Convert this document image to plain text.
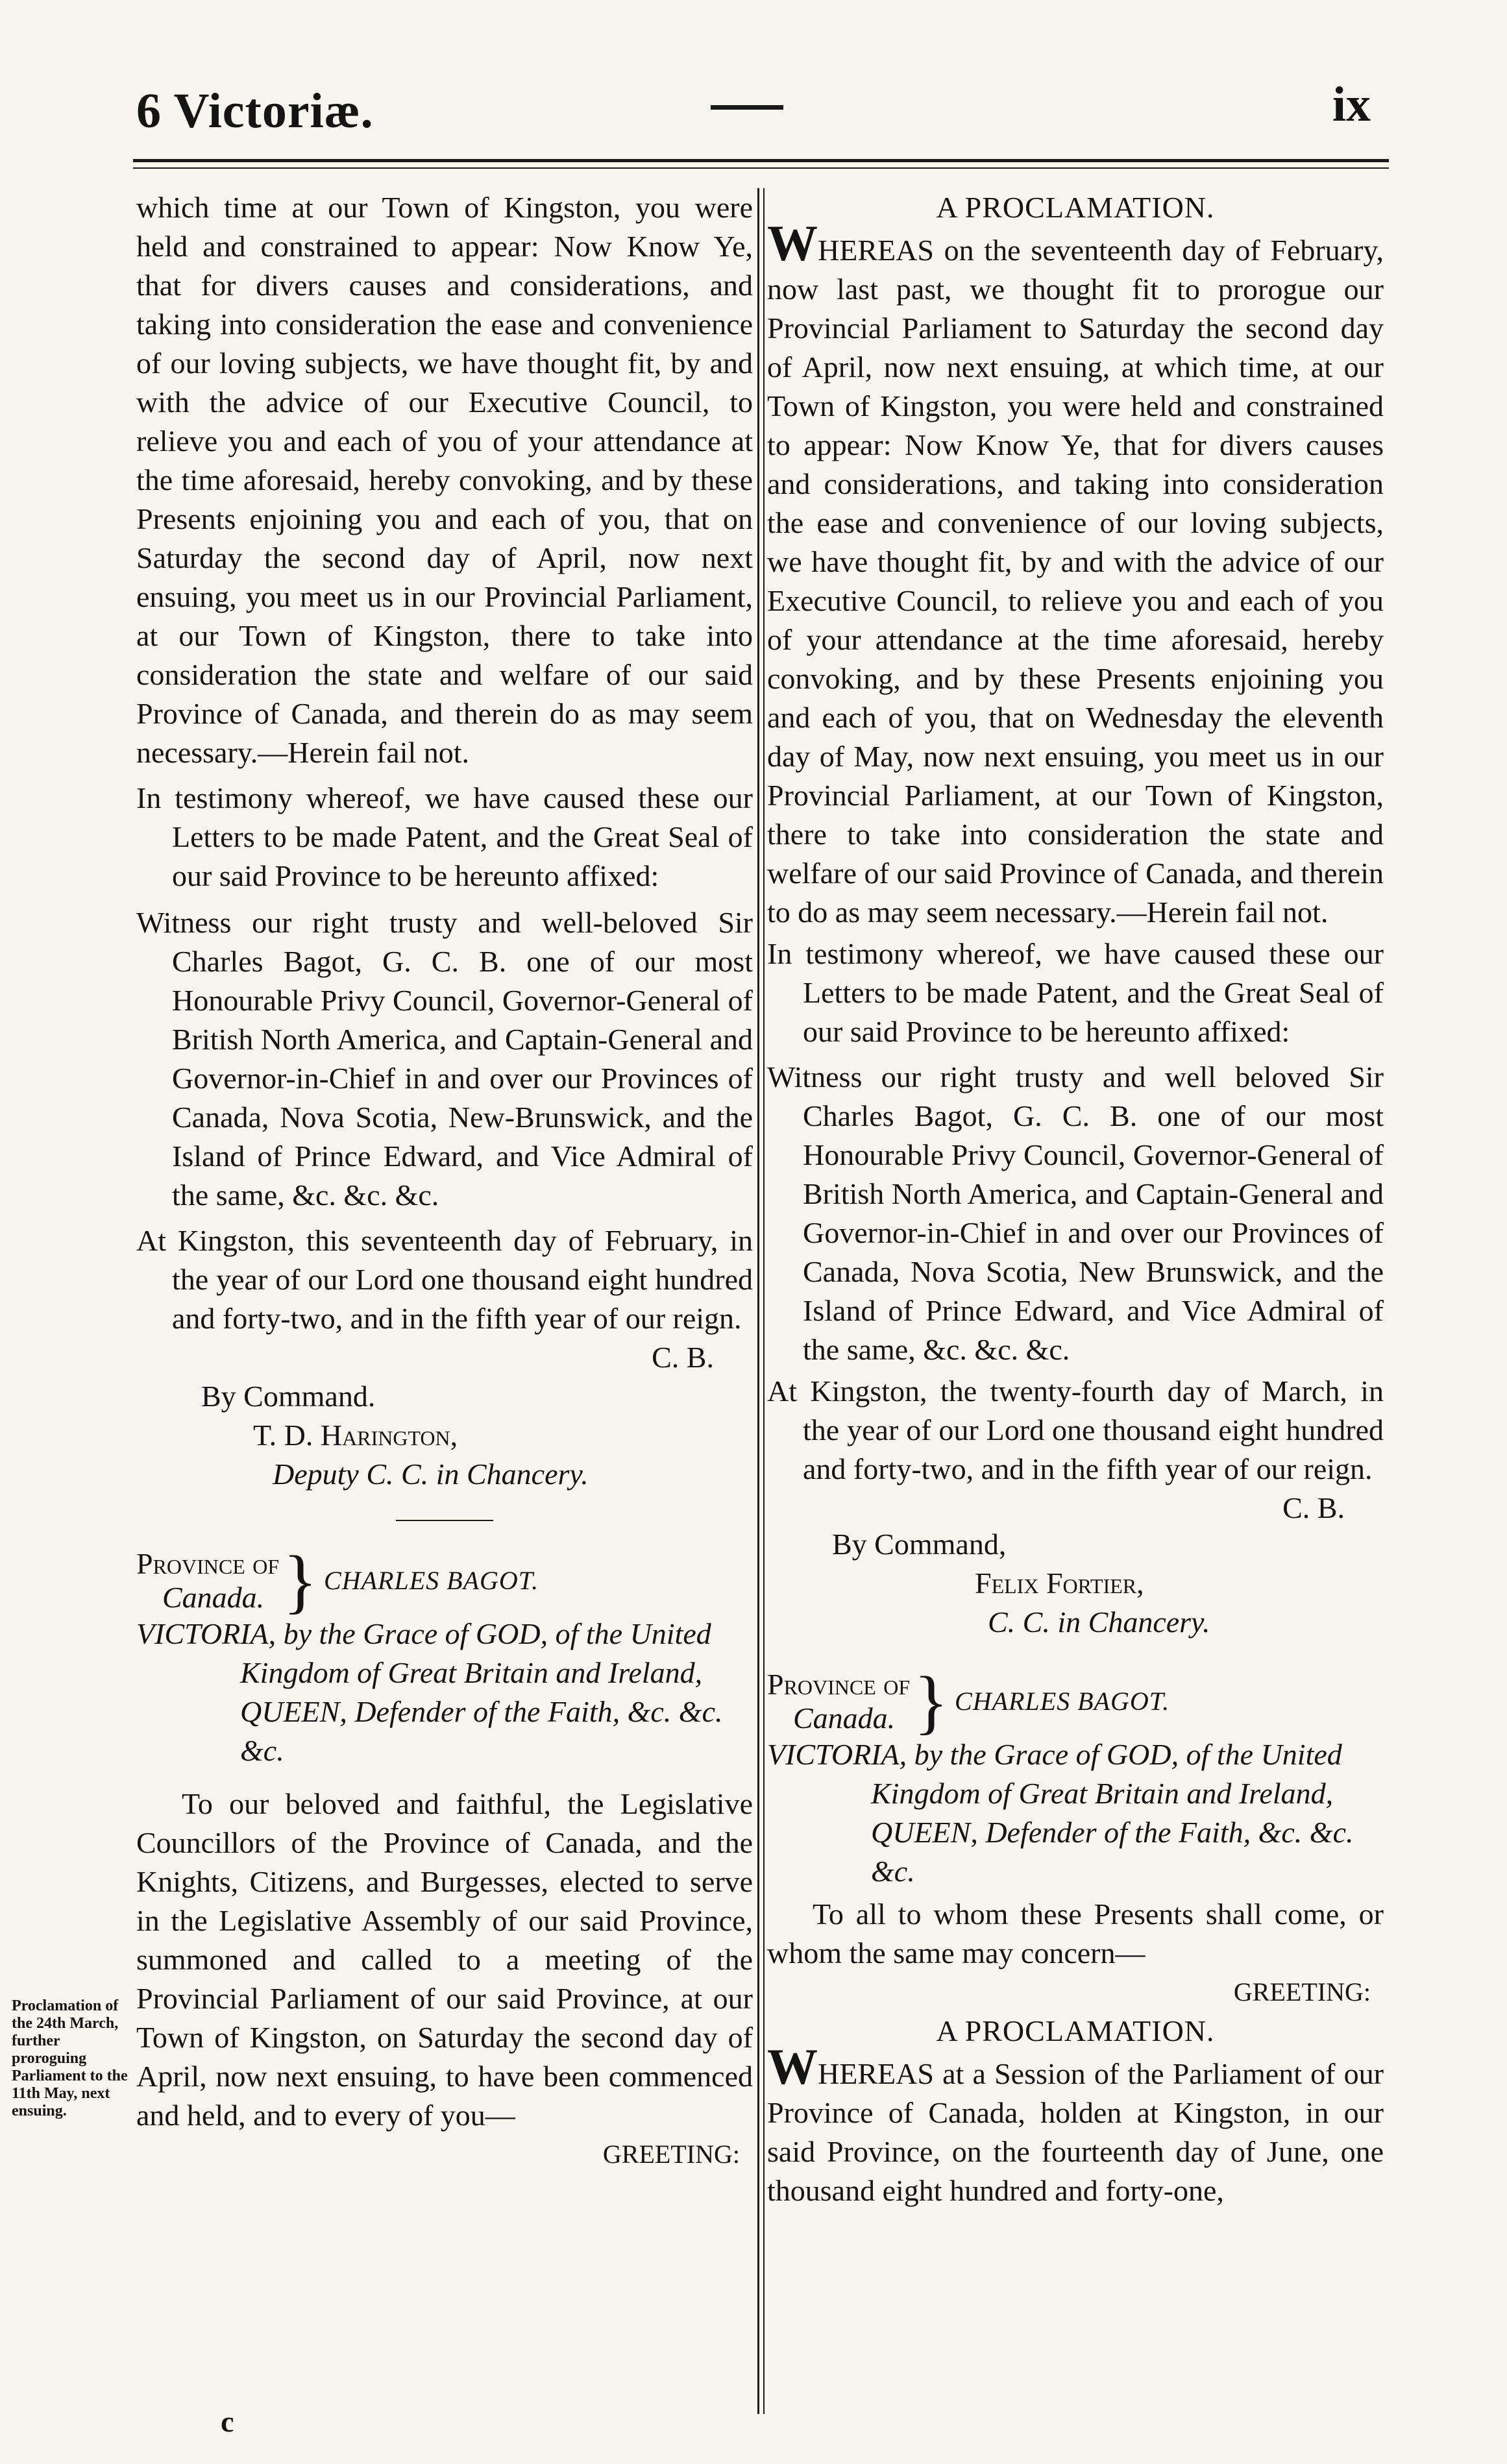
6 Victoriæ.	ix
Proclamation of the 24th March, further proroguing Parliament to the 11th May, next ensuing.

which time at our Town of Kingston, you were held and constrained to appear: Now Know Ye, that for divers causes and considerations, and taking into consideration the ease and convenience of our loving subjects, we have thought fit, by and with the advice of our Executive Council, to relieve you and each of you of your attendance at the time aforesaid, hereby convoking, and by these Presents enjoining you and each of you, that on Saturday the second day of April, now next ensuing, you meet us in our Provincial Parliament, at our Town of Kingston, there to take into consideration the state and welfare of our said Province of Canada, and therein do as may seem necessary.—Herein fail not.

In testimony whereof, we have caused these our Letters to be made Patent, and the Great Seal of our said Province to be hereunto affixed:

Witness our right trusty and well-beloved Sir Charles Bagot, G. C. B. one of our most Honourable Privy Council, Governor-General of British North America, and Captain-General and Governor-in-Chief in and over our Provinces of Canada, Nova Scotia, New-Brunswick, and the Island of Prince Edward, and Vice Admiral of the same, &c. &c. &c.

At Kingston, this seventeenth day of February, in the year of our Lord one thousand eight hundred and forty-two, and in the fifth year of our reign.

C. B.

By Command.

T. D. Harington,

Deputy C. C. in Chancery.

Province of
Canada. } CHARLES BAGOT.

VICTORIA, by the Grace of GOD, of the United Kingdom of Great Britain and Ireland, QUEEN, Defender of the Faith, &c. &c. &c.

To our beloved and faithful, the Legislative Councillors of the Province of Canada, and the Knights, Citizens, and Burgesses, elected to serve in the Legislative Assembly of our said Province, summoned and called to a meeting of the Provincial Parliament of our said Province, at our Town of Kingston, on Saturday the second day of April, now next ensuing, to have been commenced and held, and to every of you—

GREETING:

A PROCLAMATION.

WHEREAS on the seventeenth day of February, now last past, we thought fit to prorogue our Provincial Parliament to Saturday the second day of April, now next ensuing, at which time, at our Town of Kingston, you were held and constrained to appear: Now Know Ye, that for divers causes and considerations, and taking into consideration the ease and convenience of our loving subjects, we have thought fit, by and with the advice of our Executive Council, to relieve you and each of you of your attendance at the time aforesaid, hereby convoking, and by these Presents enjoining you and each of you, that on Wednesday the eleventh day of May, now next ensuing, you meet us in our Provincial Parliament, at our Town of Kingston, there to take into consideration the state and welfare of our said Province of Canada, and therein to do as may seem necessary.—Herein fail not.

In testimony whereof, we have caused these our Letters to be made Patent, and the Great Seal of our said Province to be hereunto affixed:

Witness our right trusty and well beloved Sir Charles Bagot, G. C. B. one of our most Honourable Privy Council, Governor-General of British North America, and Captain-General and Governor-in-Chief in and over our Provinces of Canada, Nova Scotia, New Brunswick, and the Island of Prince Edward, and Vice Admiral of the same, &c. &c. &c.

At Kingston, the twenty-fourth day of March, in the year of our Lord one thousand eight hundred and forty-two, and in the fifth year of our reign.

C. B.

By Command,

Felix Fortier,

C. C. in Chancery.

Province of
Canada. } CHARLES BAGOT.

VICTORIA, by the Grace of GOD, of the United Kingdom of Great Britain and Ireland, QUEEN, Defender of the Faith, &c. &c. &c.

To all to whom these Presents shall come, or whom the same may concern—

GREETING:

A PROCLAMATION.

WHEREAS at a Session of the Parliament of our Province of Canada, holden at Kingston, in our said Province, on the fourteenth day of June, one thousand eight hundred and forty-one,

c
